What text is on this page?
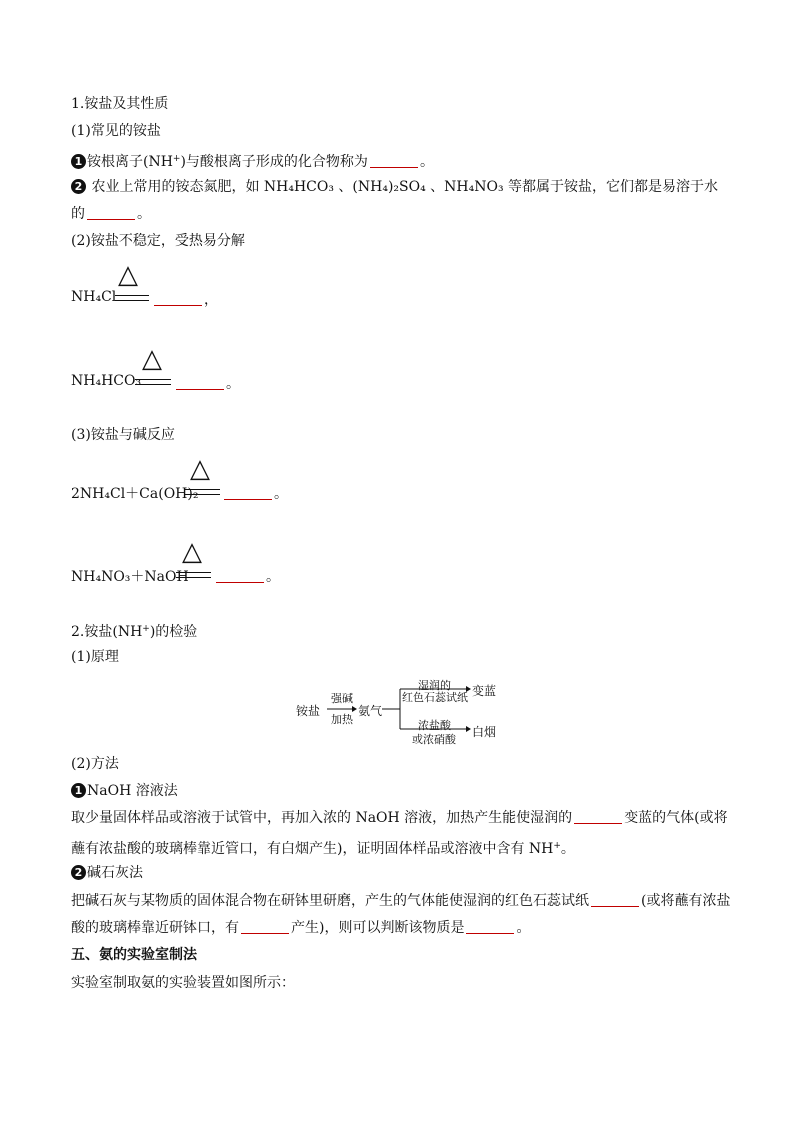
1.铵盐及其性质
(1)常见的铵盐
1 铵根离子(NH+)与酸根离子形成的化合物称为	。
2 农业上常用的铵态氮肥，如 NH₄HCO₃ 、(NH₄)₂SO₄ 、NH₄NO₃ 等都属于铵盐，它们都是易溶于水
的	。
(2)铵盐不稳定，受热易分解
△
NH₄Cl	，
△
NH₄HCO₃	。
(3)铵盐与碱反应
△
2NH₄Cl＋Ca(OH)₂	。
△
NH₄NO₃＋NaOH	。
2.铵盐(NH+)的检验
(1)原理
铵盐
强碱
加热
氨气
湿润的
红色石蕊试纸 变蓝
浓盐酸
或浓硝酸
白烟
(2)方法
1 NaOH 溶液法
取少量固体样品或溶液于试管中，再加入浓的 NaOH 溶液，加热产生能使湿润的	变蓝的气体(或将
蘸有浓盐酸的玻璃棒靠近管口，有白烟产生)，证明固体样品或溶液中含有 NH+。
2 碱石灰法
把碱石灰与某物质的固体混合物在研钵里研磨，产生的气体能使湿润的红色石蕊试纸	(或将蘸有浓盐
酸的玻璃棒靠近研钵口，有	产生)，则可以判断该物质是	。
五、氨的实验室制法
实验室制取氨的实验装置如图所示：
